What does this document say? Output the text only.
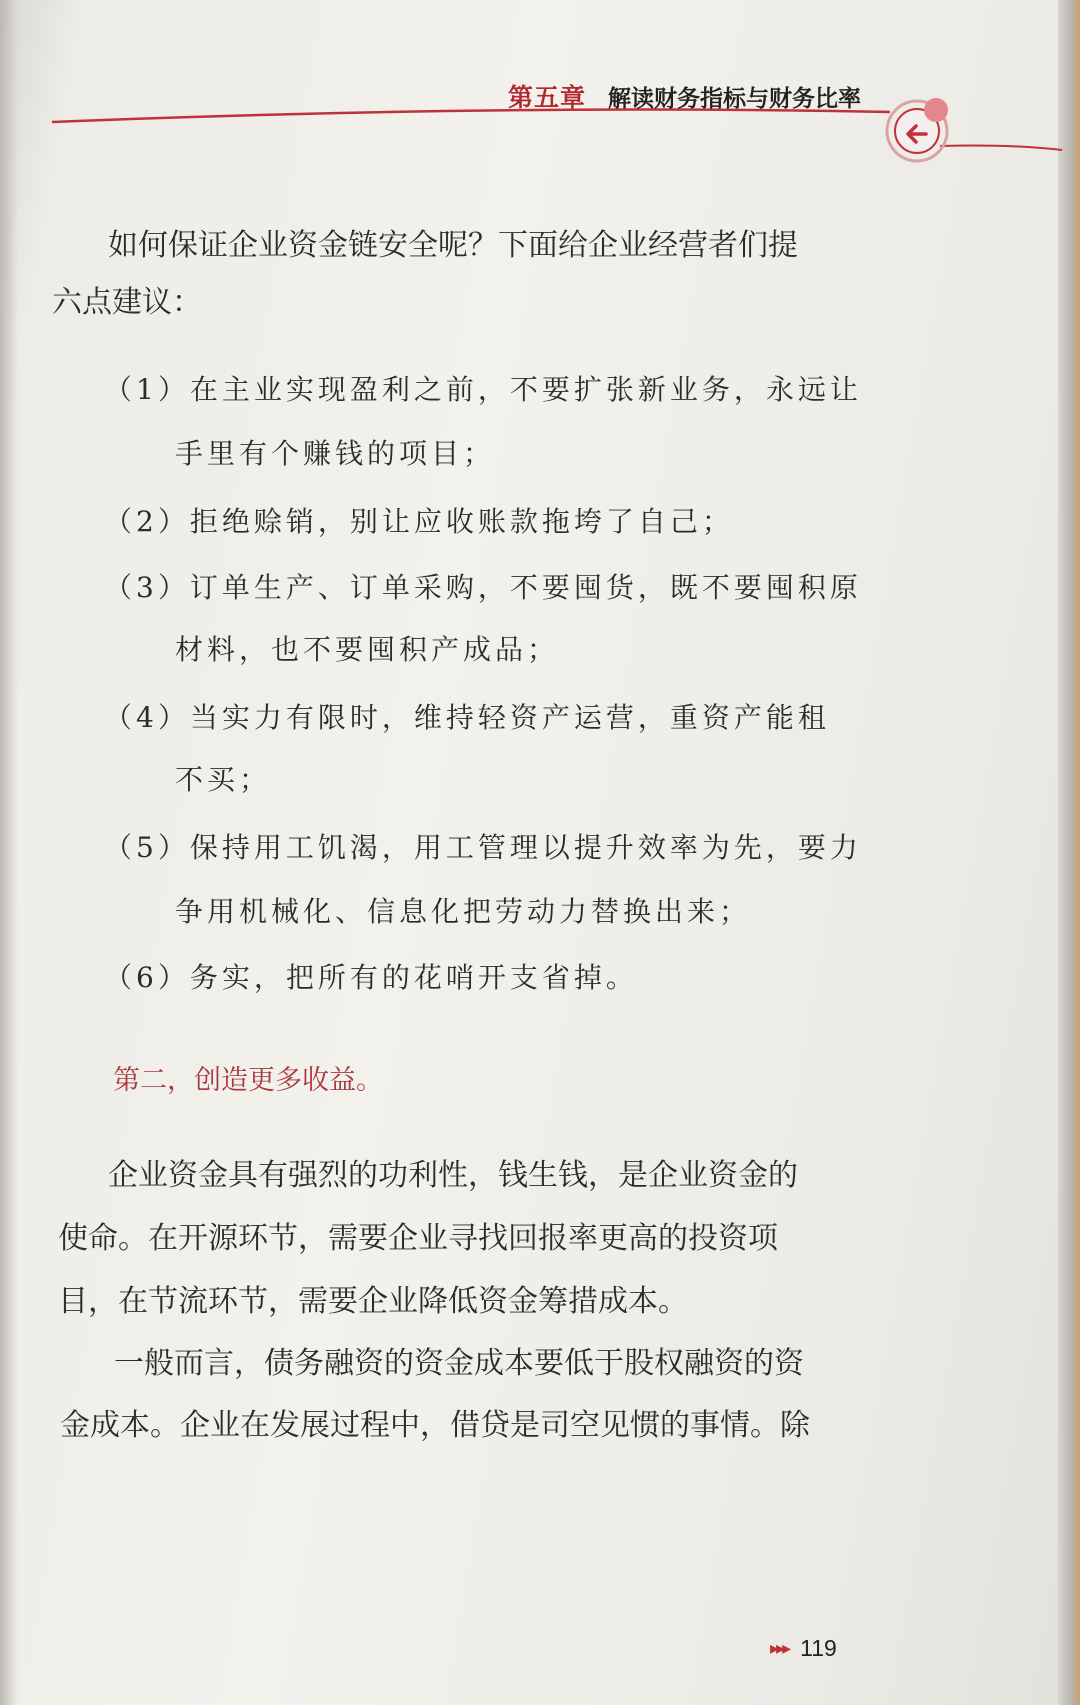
第五章 解读财务指标与财务比率
如何保证企业资金链安全呢？下面给企业经营者们提
六点建议：
（1）在主业实现盈利之前，不要扩张新业务，永远让
手里有个赚钱的项目；
（2）拒绝赊销，别让应收账款拖垮了自己；
（3）订单生产、订单采购，不要囤货，既不要囤积原
材料，也不要囤积产成品；
（4）当实力有限时，维持轻资产运营，重资产能租
不买；
（5）保持用工饥渴，用工管理以提升效率为先，要力
争用机械化、信息化把劳动力替换出来；
（6）务实，把所有的花哨开支省掉。
第二，创造更多收益。
企业资金具有强烈的功利性，钱生钱，是企业资金的
使命。在开源环节，需要企业寻找回报率更高的投资项
目，在节流环节，需要企业降低资金筹措成本。
一般而言，债务融资的资金成本要低于股权融资的资
金成本。企业在发展过程中，借贷是司空见惯的事情。除
▸▸▸ 119
